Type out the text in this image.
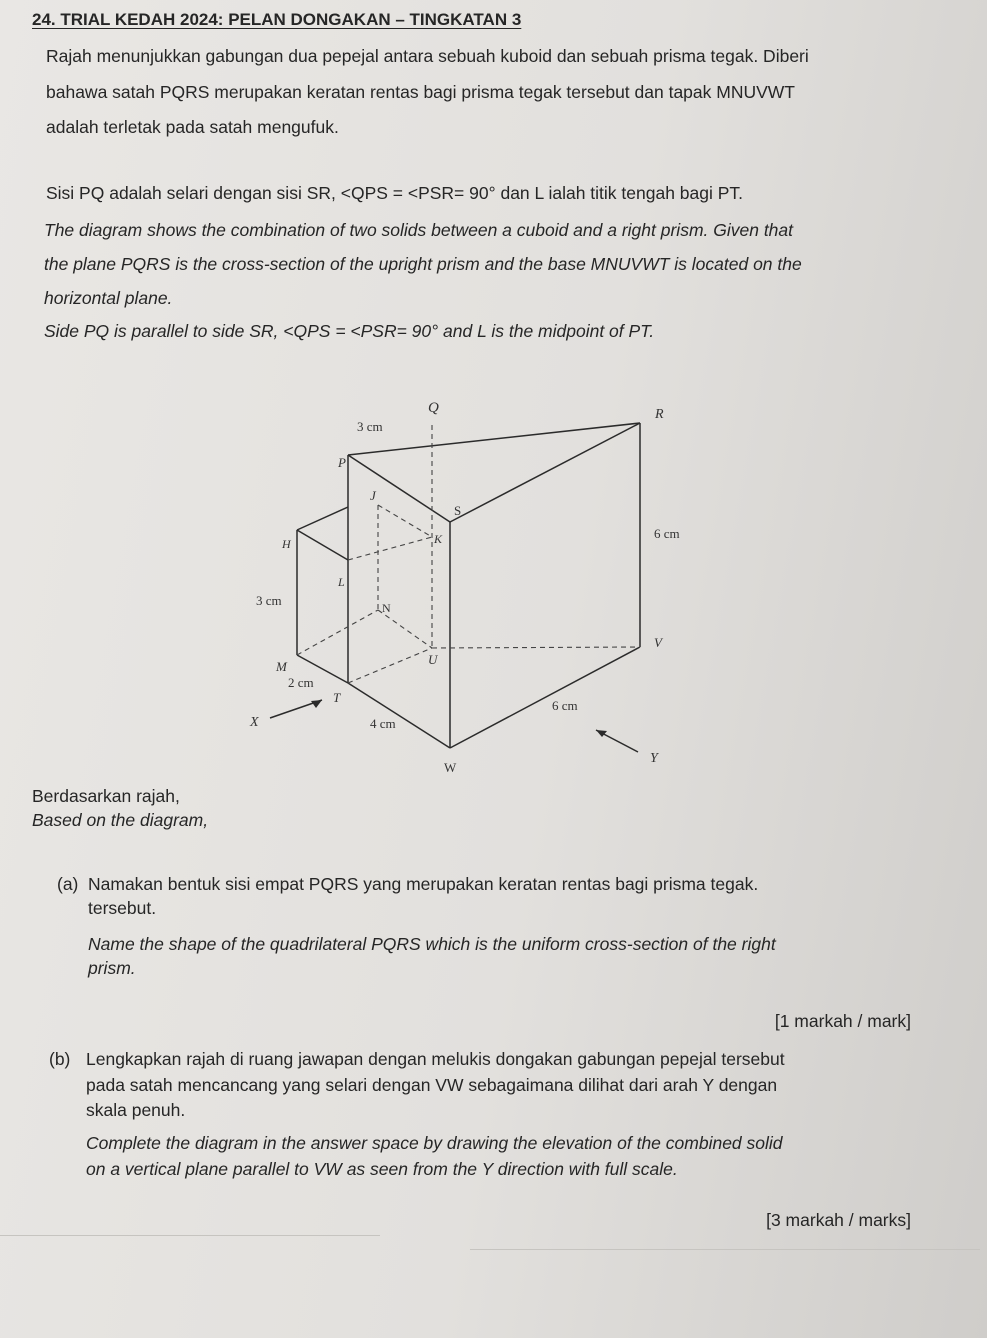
24. TRIAL KEDAH 2024: PELAN DONGAKAN – TINGKATAN 3
Rajah menunjukkan gabungan dua pepejal antara sebuah kuboid dan sebuah prisma tegak. Diberi
bahawa satah PQRS merupakan keratan rentas bagi prisma tegak tersebut dan tapak MNUVWT
adalah terletak pada satah mengufuk.
Sisi PQ adalah selari dengan sisi SR, <QPS = <PSR= 90° dan L ialah titik tengah bagi PT.
The diagram shows the combination of two solids between a cuboid and a right prism. Given that
the plane PQRS is the cross-section of the upright prism and the base MNUVWT is located on the
horizontal plane.
Side PQ is parallel to side SR, <QPS = <PSR= 90° and L is the midpoint of PT.
Q	R
P
J
S
K
H
L
N
V
U
M
T
W
X
Y
3 cm
3 cm
6 cm
2 cm
4 cm
6 cm
Berdasarkan rajah,
Based on the diagram,
(a) Namakan bentuk sisi empat PQRS yang merupakan keratan rentas bagi prisma tegak.
tersebut.
Name the shape of the quadrilateral PQRS which is the uniform cross-section of the right
prism.
[1 markah / mark]
(b) Lengkapkan rajah di ruang jawapan dengan melukis dongakan gabungan pepejal tersebut
pada satah mencancang yang selari dengan VW sebagaimana dilihat dari arah Y dengan
skala penuh.
Complete the diagram in the answer space by drawing the elevation of the combined solid
on a vertical plane parallel to VW as seen from the Y direction with full scale.
[3 markah / marks]
